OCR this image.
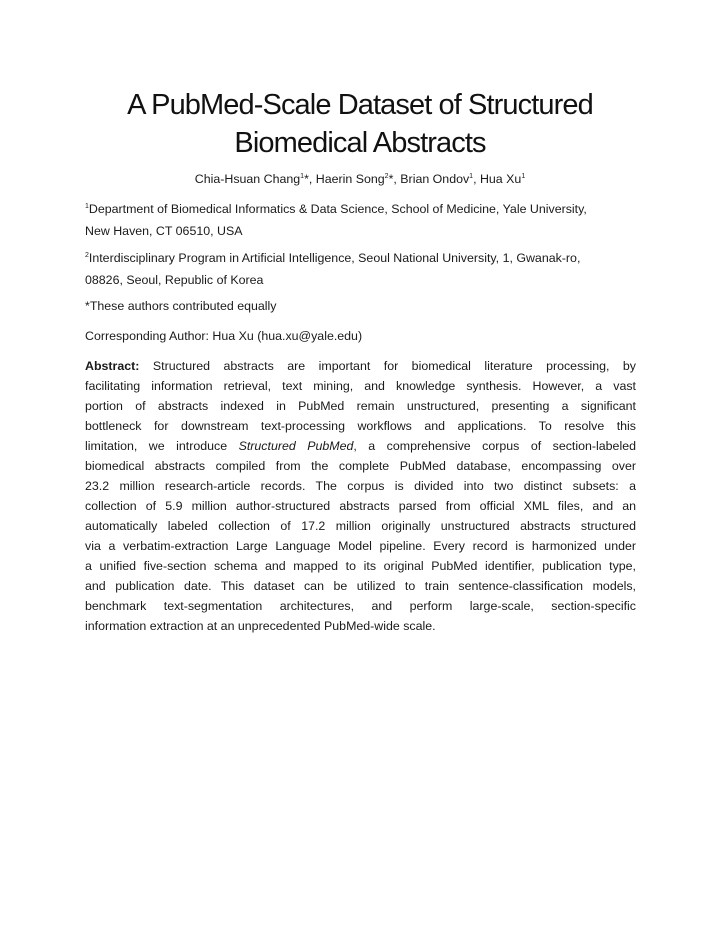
A PubMed-Scale Dataset of Structured
Biomedical Abstracts
Chia-Hsuan Chang$^1$*, Haerin Song$^2$*, Brian Ondov$^1$, Hua Xu$^1$
$^1$Department of Biomedical Informatics & Data Science, School of Medicine, Yale University,
New Haven, CT 06510, USA
$^2$Interdisciplinary Program in Artificial Intelligence, Seoul National University, 1, Gwanak-ro,
08826, Seoul, Republic of Korea
*These authors contributed equally
Corresponding Author: Hua Xu (hua.xu@yale.edu)
Abstract: Structured abstracts are important for biomedical literature processing, by
facilitating information retrieval, text mining, and knowledge synthesis. However, a vast
portion of abstracts indexed in PubMed remain unstructured, presenting a significant
bottleneck for downstream text-processing workflows and applications. To resolve this
limitation, we introduce Structured PubMed, a comprehensive corpus of section-labeled
biomedical abstracts compiled from the complete PubMed database, encompassing over
23.2 million research-article records. The corpus is divided into two distinct subsets: a
collection of 5.9 million author-structured abstracts parsed from official XML files, and an
automatically labeled collection of 17.2 million originally unstructured abstracts structured
via a verbatim-extraction Large Language Model pipeline. Every record is harmonized under
a unified five-section schema and mapped to its original PubMed identifier, publication type,
and publication date. This dataset can be utilized to train sentence-classification models,
benchmark text-segmentation architectures, and perform large-scale, section-specific
information extraction at an unprecedented PubMed-wide scale.
